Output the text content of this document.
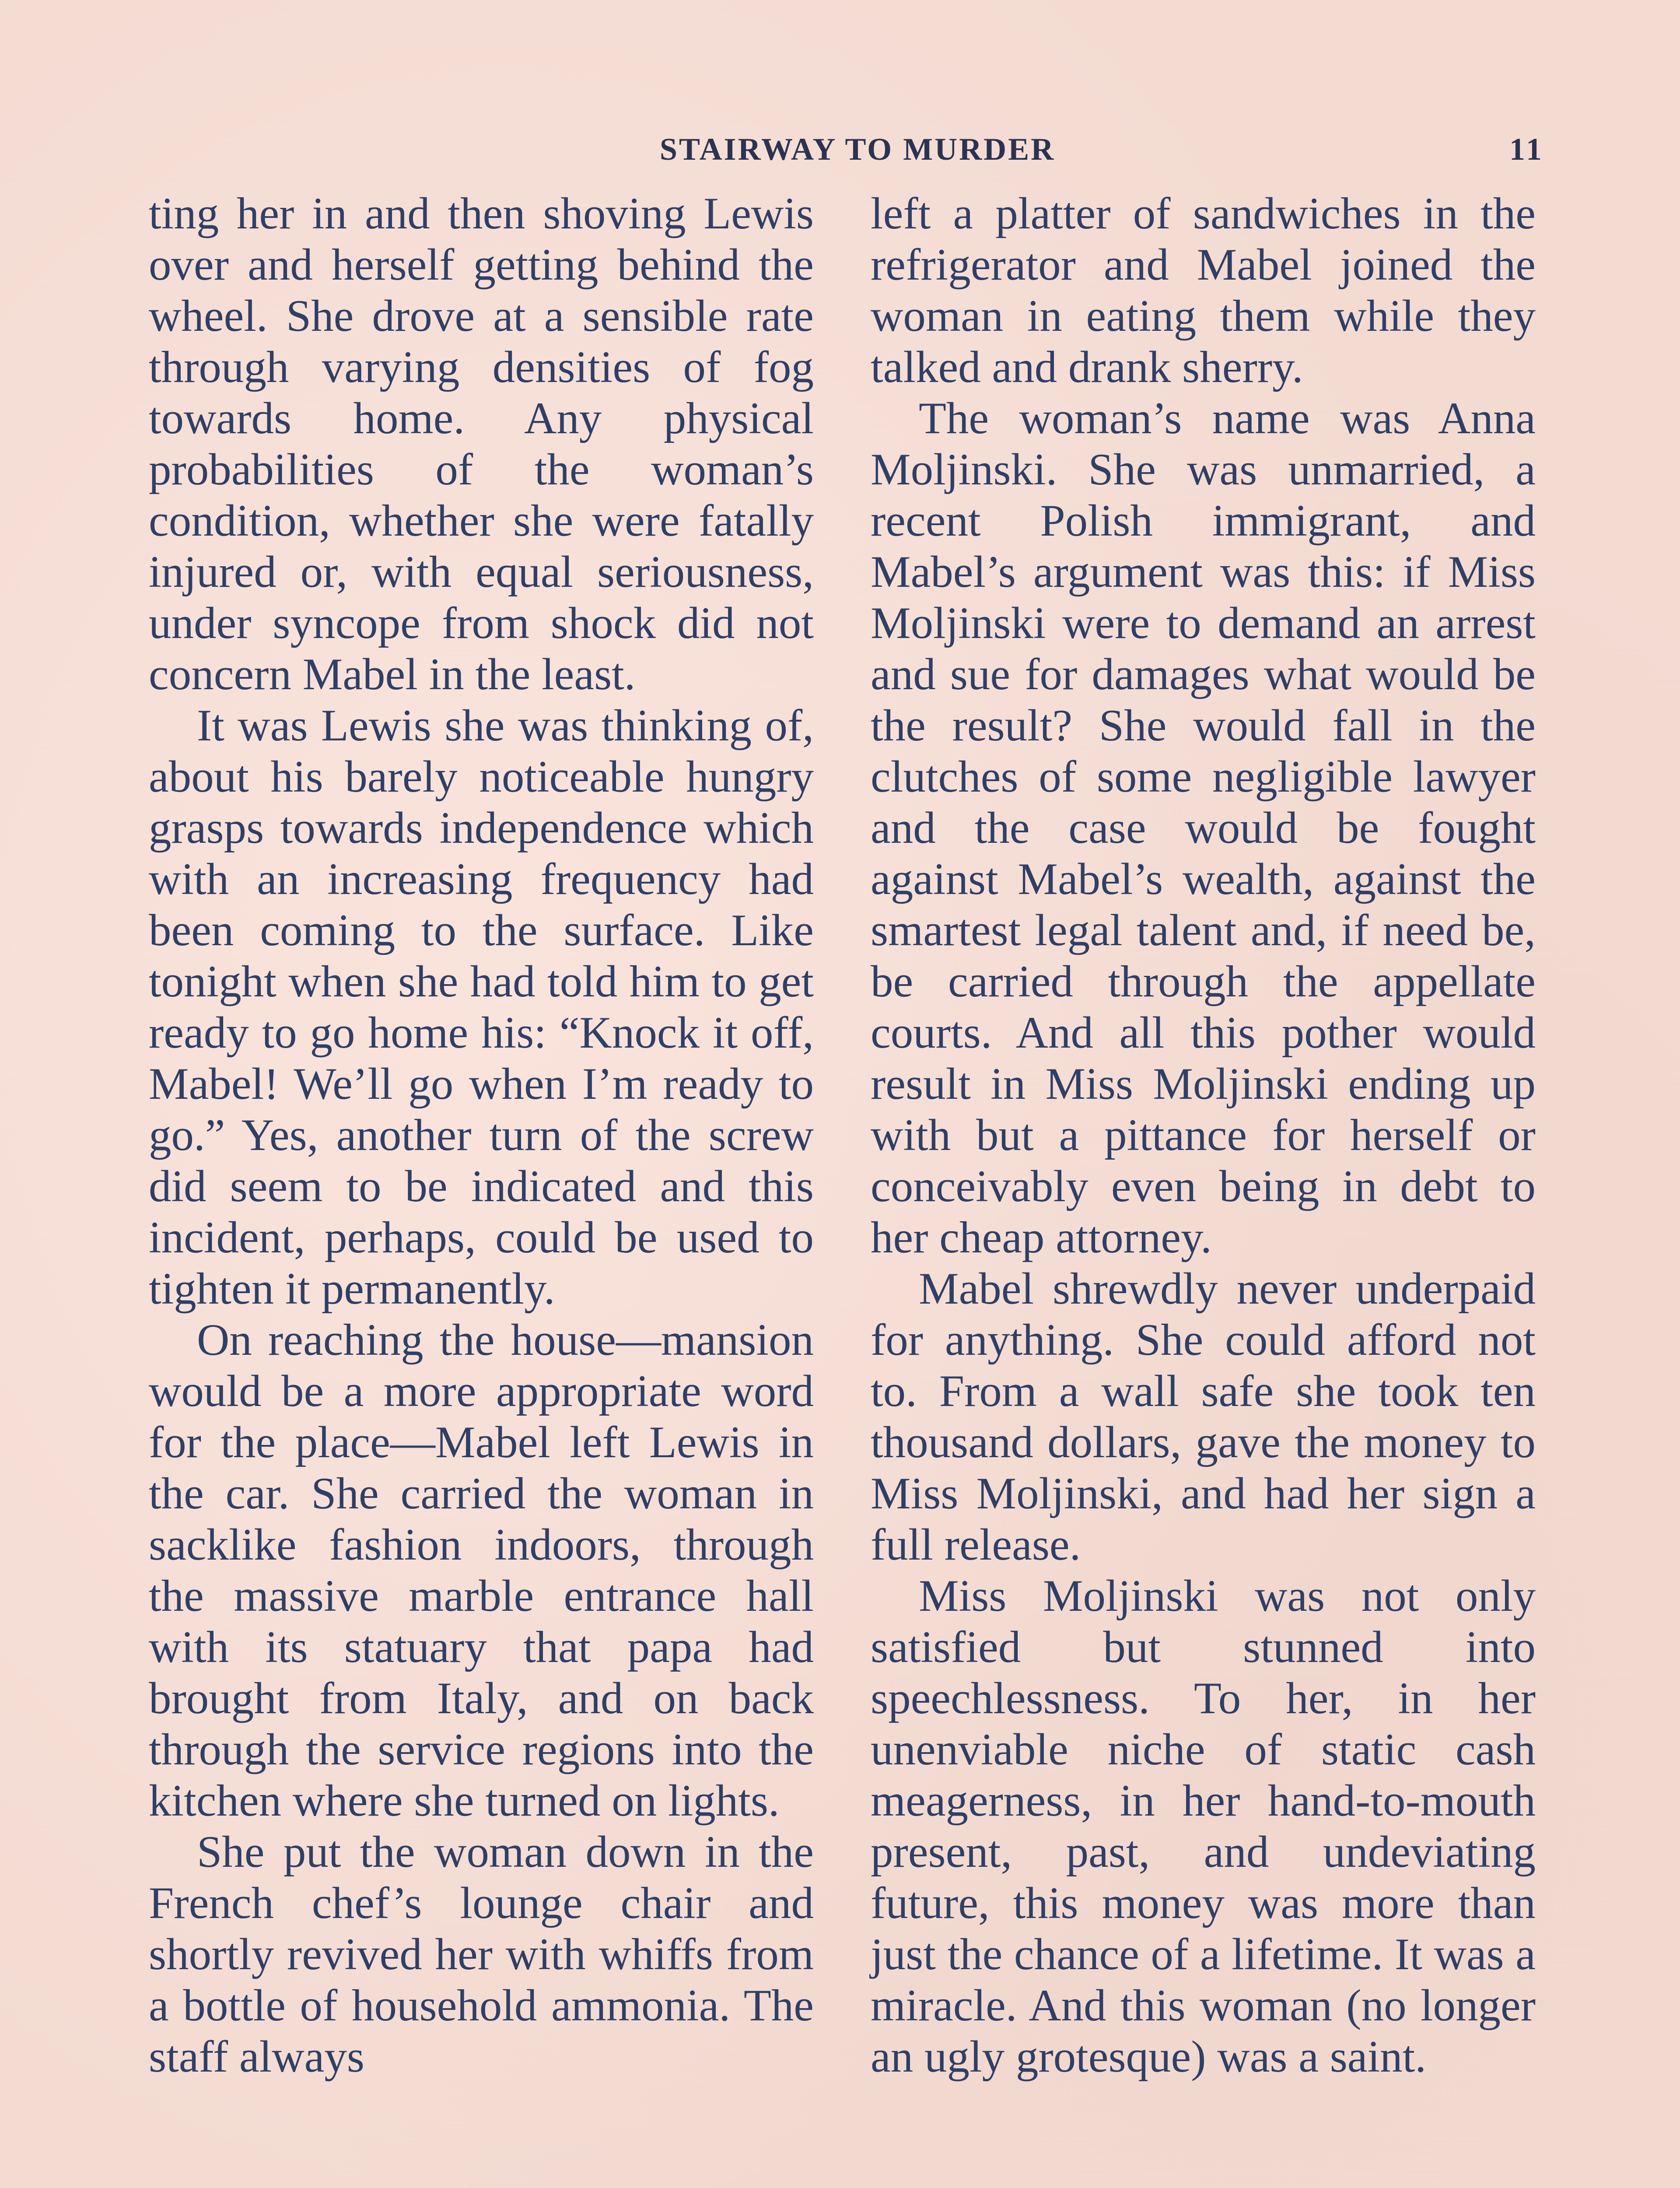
STAIRWAY TO MURDER	11

ting her in and then shoving Lewis over and herself getting behind the wheel. She drove at a sensible rate through varying densities of fog towards home. Any physical probabilities of the woman’s condition, whether she were fatally injured or, with equal seriousness, under syncope from shock did not concern Mabel in the least.

It was Lewis she was thinking of, about his barely noticeable hungry grasps towards independence which with an increasing frequency had been coming to the surface. Like tonight when she had told him to get ready to go home his: “Knock it off, Mabel! We’ll go when I’m ready to go.” Yes, another turn of the screw did seem to be indicated and this incident, perhaps, could be used to tighten it permanently.

On reaching the house—mansion would be a more appropriate word for the place—Mabel left Lewis in the car. She carried the woman in sacklike fashion indoors, through the massive marble entrance hall with its statuary that papa had brought from Italy, and on back through the service regions into the kitchen where she turned on lights.

She put the woman down in the French chef’s lounge chair and shortly revived her with whiffs from a bottle of household ammonia. The staff always

left a platter of sandwiches in the refrigerator and Mabel joined the woman in eating them while they talked and drank sherry.

The woman’s name was Anna Moljinski. She was unmarried, a recent Polish immigrant, and Mabel’s argument was this: if Miss Moljinski were to demand an arrest and sue for damages what would be the result? She would fall in the clutches of some negligible lawyer and the case would be fought against Mabel’s wealth, against the smartest legal talent and, if need be, be carried through the appellate courts. And all this pother would result in Miss Moljinski ending up with but a pittance for herself or conceivably even being in debt to her cheap attorney.

Mabel shrewdly never underpaid for anything. She could afford not to. From a wall safe she took ten thousand dollars, gave the money to Miss Moljinski, and had her sign a full release.

Miss Moljinski was not only satisfied but stunned into speechlessness. To her, in her unenviable niche of static cash meagerness, in her hand-to-mouth present, past, and undeviating future, this money was more than just the chance of a lifetime. It was a miracle. And this woman (no longer an ugly grotesque) was a saint.
